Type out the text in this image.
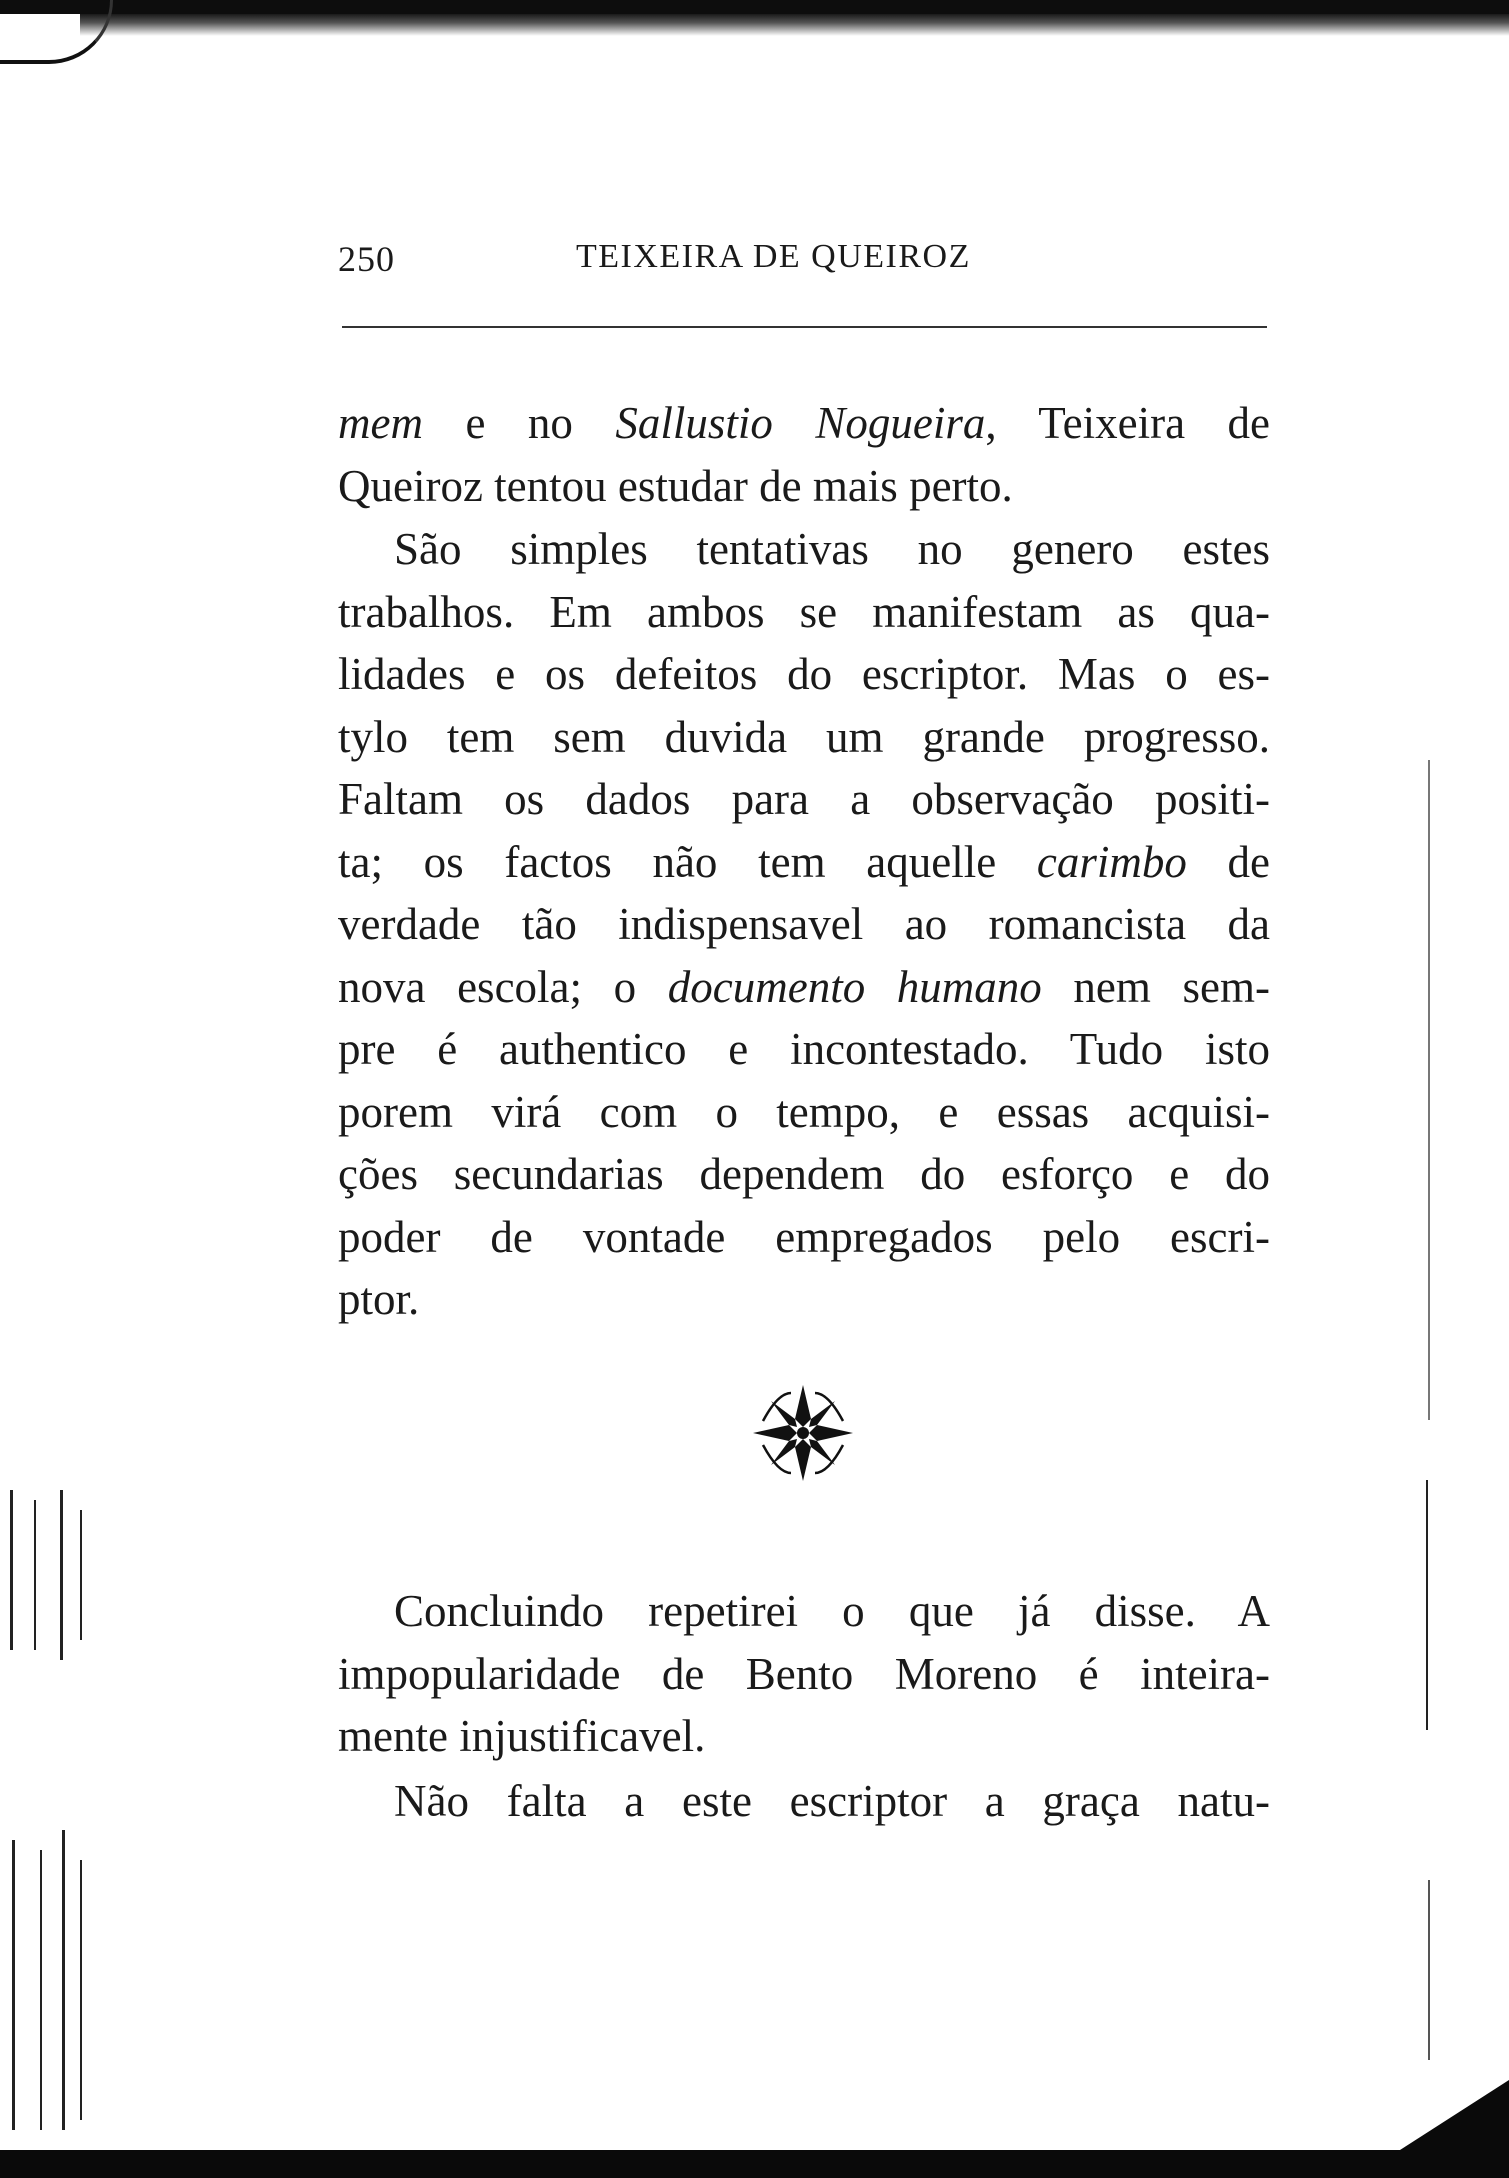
250	TEIXEIRA DE QUEIROZ
mem e no Sallustio Nogueira, Teixeira de
Queiroz tentou estudar de mais perto.
São simples tentativas no genero estes
trabalhos. Em ambos se manifestam as qua-
lidades e os defeitos do escriptor. Mas o es-
tylo tem sem duvida um grande progresso.
Faltam os dados para a observação positi-
ta; os factos não tem aquelle carimbo de
verdade tão indispensavel ao romancista da
nova escola; o documento humano nem sem-
pre é authentico e incontestado. Tudo isto
porem virá com o tempo, e essas acquisi-
ções secundarias dependem do esforço e do
poder de vontade empregados pelo escri-
ptor.
Concluindo repetirei o que já disse. A
impopularidade de Bento Moreno é inteira-
mente injustificavel.
Não falta a este escriptor a graça natu-
